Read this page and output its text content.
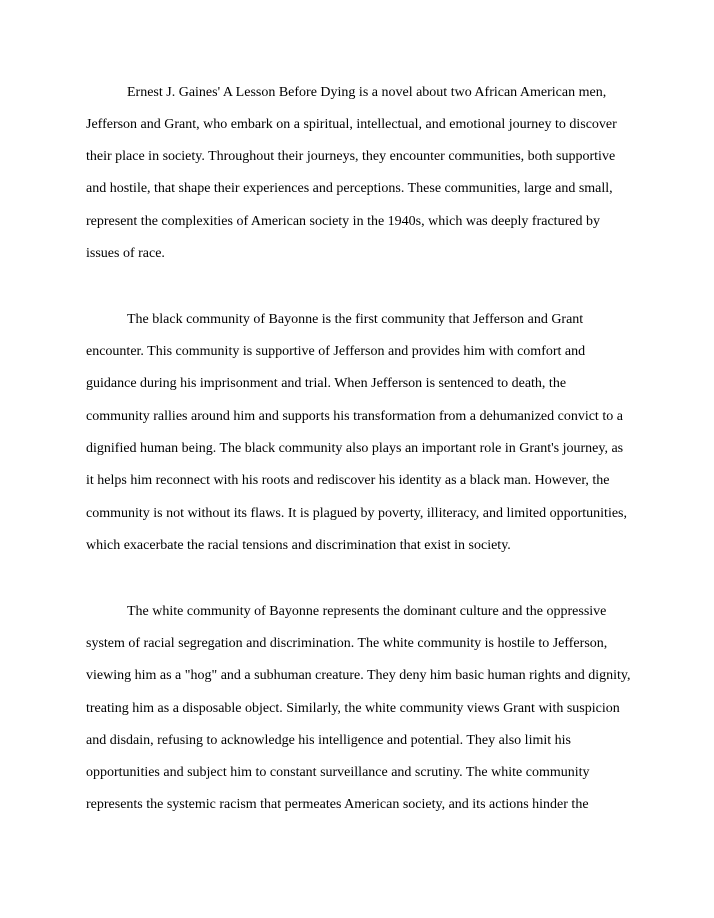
Ernest J. Gaines' A Lesson Before Dying is a novel about two African American men,

Jefferson and Grant, who embark on a spiritual, intellectual, and emotional journey to discover

their place in society. Throughout their journeys, they encounter communities, both supportive

and hostile, that shape their experiences and perceptions. These communities, large and small,

represent the complexities of American society in the 1940s, which was deeply fractured by

issues of race.

The black community of Bayonne is the first community that Jefferson and Grant

encounter. This community is supportive of Jefferson and provides him with comfort and

guidance during his imprisonment and trial. When Jefferson is sentenced to death, the

community rallies around him and supports his transformation from a dehumanized convict to a

dignified human being. The black community also plays an important role in Grant's journey, as

it helps him reconnect with his roots and rediscover his identity as a black man. However, the

community is not without its flaws. It is plagued by poverty, illiteracy, and limited opportunities,

which exacerbate the racial tensions and discrimination that exist in society.

The white community of Bayonne represents the dominant culture and the oppressive

system of racial segregation and discrimination. The white community is hostile to Jefferson,

viewing him as a "hog" and a subhuman creature. They deny him basic human rights and dignity,

treating him as a disposable object. Similarly, the white community views Grant with suspicion

and disdain, refusing to acknowledge his intelligence and potential. They also limit his

opportunities and subject him to constant surveillance and scrutiny. The white community

represents the systemic racism that permeates American society, and its actions hinder the
